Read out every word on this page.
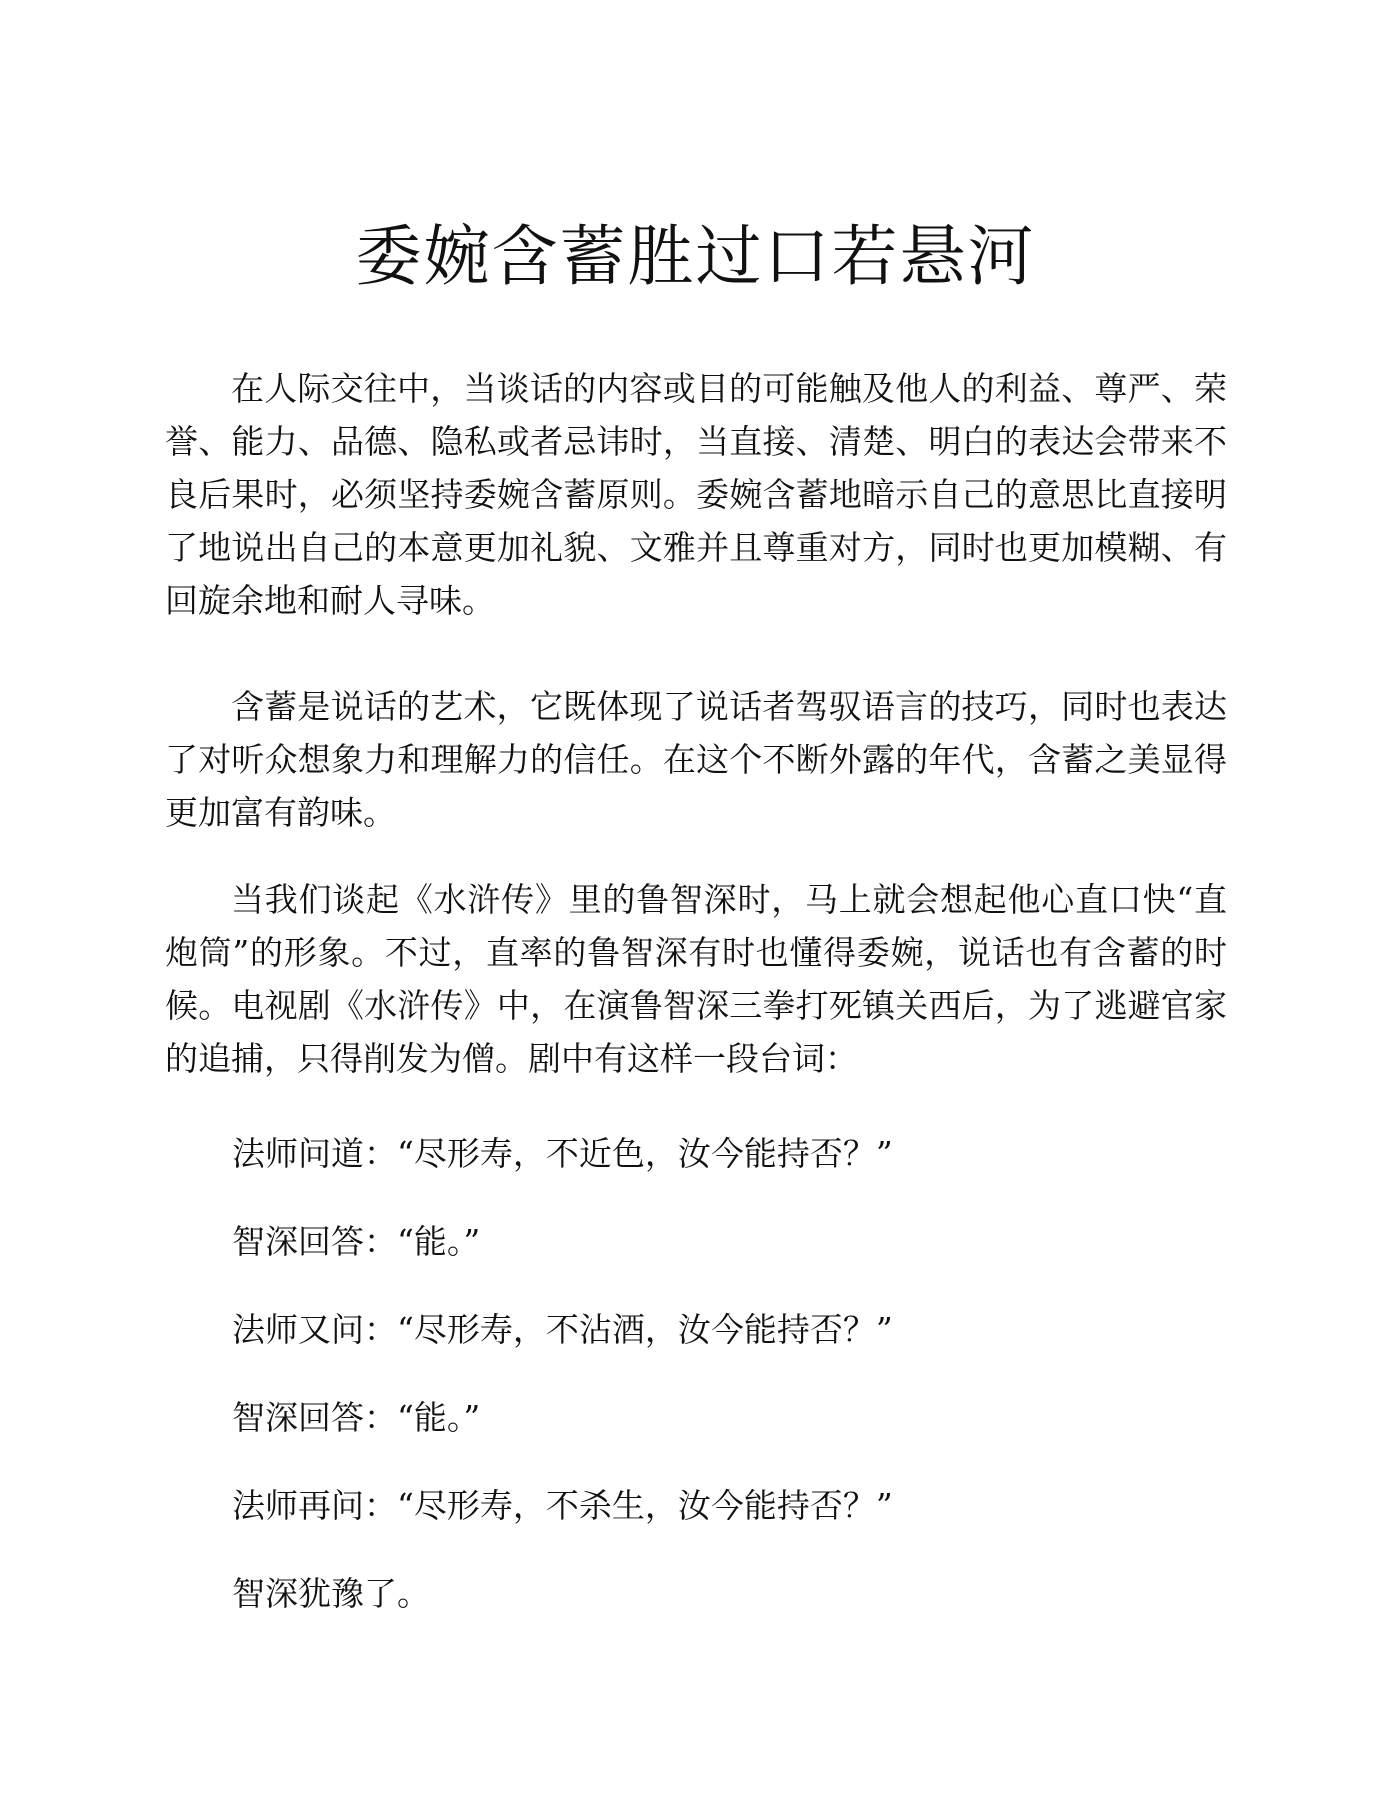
委婉含蓄胜过口若悬河

在人际交往中，当谈话的内容或目的可能触及他人的利益、尊严、荣誉、能力、品德、隐私或者忌讳时，当直接、清楚、明白的表达会带来不良后果时，必须坚持委婉含蓄原则。委婉含蓄地暗示自己的意思比直接明了地说出自己的本意更加礼貌、文雅并且尊重对方，同时也更加模糊、有回旋余地和耐人寻味。

含蓄是说话的艺术，它既体现了说话者驾驭语言的技巧，同时也表达了对听众想象力和理解力的信任。在这个不断外露的年代，含蓄之美显得更加富有韵味。

当我们谈起《水浒传》里的鲁智深时，马上就会想起他心直口快“直炮筒”的形象。不过，直率的鲁智深有时也懂得委婉，说话也有含蓄的时候。电视剧《水浒传》中，在演鲁智深三拳打死镇关西后，为了逃避官家的追捕，只得削发为僧。剧中有这样一段台词：

法师问道：“尽形寿，不近色，汝今能持否？”

智深回答：“能。”

法师又问：“尽形寿，不沾酒，汝今能持否？”

智深回答：“能。”

法师再问：“尽形寿，不杀生，汝今能持否？”

智深犹豫了。
